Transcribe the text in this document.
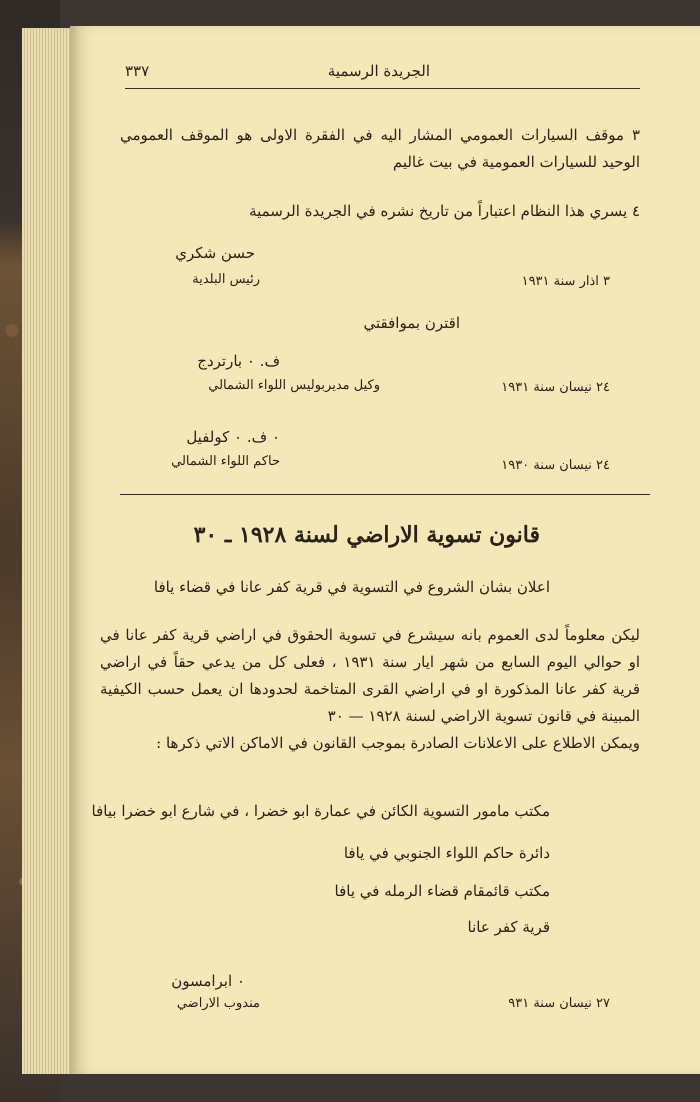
الجريدة الرسمية
٣٣٧
٣ موقف السيارات العمومي المشار اليه في الفقرة الاولى هو الموقف العمومي الوحيد للسيارات العمومية في بيت غاليم
٤ يسري هذا النظام اعتباراً من تاريخ نشره في الجريدة الرسمية
حسن شكري
رئيس البلدية	٣ اذار سنة ١٩٣١
اقترن بموافقتي
ف. ٠ بارتردج
وكيل مديربوليس اللواء الشمالي	٢٤ نيسان سنة ١٩٣١
٠ ف. ٠ كولفيل
حاكم اللواء الشمالي	٢٤ نيسان سنة ١٩٣٠
قانون تسوية الاراضي لسنة ١٩٢٨ ـ ٣٠
اعلان بشان الشروع في التسوية في قرية كفر عانا في قضاء يافا
ليكن معلوماً لدى العموم بانه سيشرع في تسوية الحقوق في اراضي قرية كفر عانا في او حوالي اليوم السابع من شهر ايار سنة ١٩٣١ ، فعلى كل من يدعي حقاً في اراضي قرية كفر عانا المذكورة او في اراضي القرى المتاخمة لحدودها ان يعمل حسب الكيفية المبينة في قانون تسوية الاراضي لسنة ١٩٢٨ — ٣٠
ويمكن الاطلاع على الاعلانات الصادرة بموجب القانون في الاماكن الاتي ذكرها :
مكتب مامور التسوية الكائن في عمارة ابو خضرا ، في شارع ابو خضرا بيافا
دائرة حاكم اللواء الجنوبي في يافا
مكتب قائمقام قضاء الرمله في يافا
قرية كفر عانا
٠ ابرامسون
مندوب الاراضي	٢٧ نيسان سنة ٩٣١
